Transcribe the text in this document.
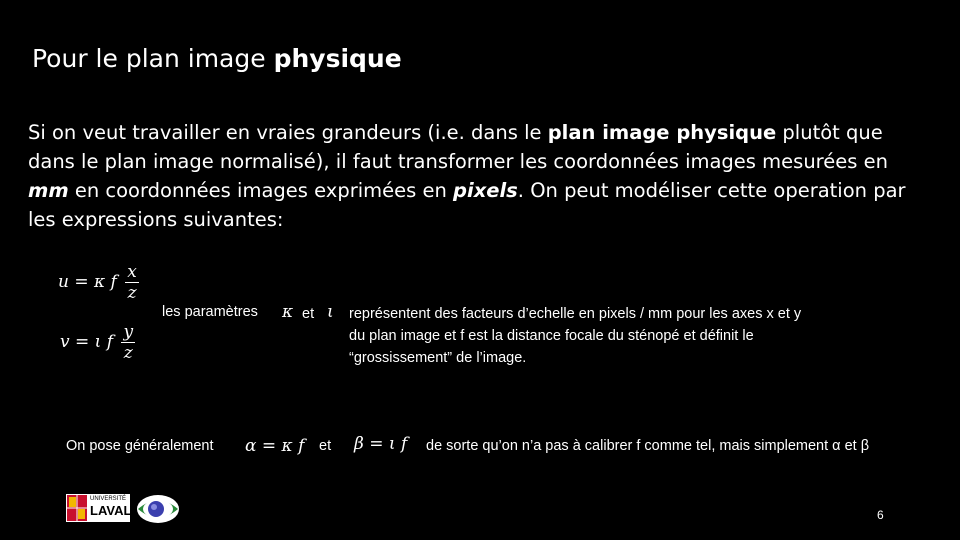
Pour le plan image physique
Si on veut travailler en vraies grandeurs (i.e. dans le plan image physique plutôt que dans le plan image normalisé), il faut transformer les coordonnées images mesurées en mm en coordonnées images exprimées en pixels. On peut modéliser cette operation par les expressions suivantes:
u = κ f $\frac{x}{z}$
v = ι f $\frac{y}{z}$
les paramètres κ et ι représentent des facteurs d’echelle en pixels / mm pour les axes x et y
du plan image et f est la distance focale du sténopé et définit le
“grossissement” de l’image.
On pose généralement α = κ f et β = ι f de sorte qu’on n’a pas à calibrer f comme tel, mais simplement α et β
UNIVERSITÉ
LAVAL	6
